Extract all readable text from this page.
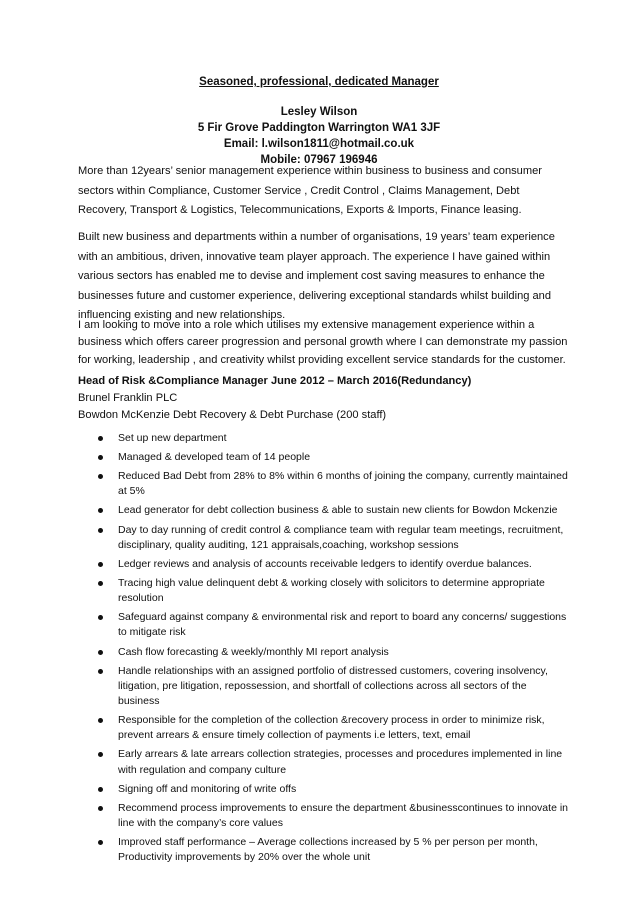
Seasoned, professional, dedicated Manager
Lesley Wilson
5 Fir Grove Paddington Warrington WA1 3JF
Email: l.wilson1811@hotmail.co.uk
Mobile: 07967 196946
More than 12years’ senior management experience within business to business and consumer sectors within Compliance, Customer Service , Credit Control , Claims Management, Debt Recovery, Transport & Logistics, Telecommunications, Exports & Imports, Finance leasing.
Built new business and departments within a number of organisations, 19 years’ team experience with an ambitious, driven, innovative team player approach. The experience I have gained within various sectors has enabled me to devise and implement cost saving measures to enhance the businesses future and customer experience, delivering exceptional standards whilst building and influencing existing and new relationships.
I am looking to move into a role which utilises my extensive management experience within a business which offers career progression and personal growth where I can demonstrate my passion for working, leadership , and creativity whilst providing excellent service standards for the customer.
Head of Risk &Compliance Manager June 2012 – March 2016(Redundancy)
Brunel Franklin PLC
Bowdon McKenzie Debt Recovery & Debt Purchase (200 staff)
Set up new department
Managed & developed team of 14 people
Reduced Bad Debt from 28% to 8% within 6 months of joining the company, currently maintained at 5%
Lead generator for debt collection business & able to sustain new clients for Bowdon Mckenzie
Day to day running of credit control & compliance team with regular team meetings, recruitment, disciplinary, quality auditing, 121 appraisals,coaching, workshop sessions
Ledger reviews and analysis of accounts receivable ledgers to identify overdue balances.
Tracing high value delinquent debt & working closely with solicitors to determine appropriate resolution
Safeguard against company & environmental risk and report to board any concerns/ suggestions to mitigate risk
Cash flow forecasting & weekly/monthly MI report analysis
Handle relationships with an assigned portfolio of distressed customers, covering insolvency, litigation, pre litigation, repossession, and shortfall of collections across all sectors of the business
Responsible for the completion of the collection &recovery process in order to minimize risk, prevent arrears & ensure timely collection of payments i.e letters, text, email
Early arrears & late arrears collection strategies, processes and procedures implemented in line with regulation and company culture
Signing off and monitoring of write offs
Recommend process improvements to ensure the department &businesscontinues to innovate in line with the company’s core values
Improved staff performance – Average collections increased by 5 % per person per month, Productivity improvements by 20% over the whole unit
